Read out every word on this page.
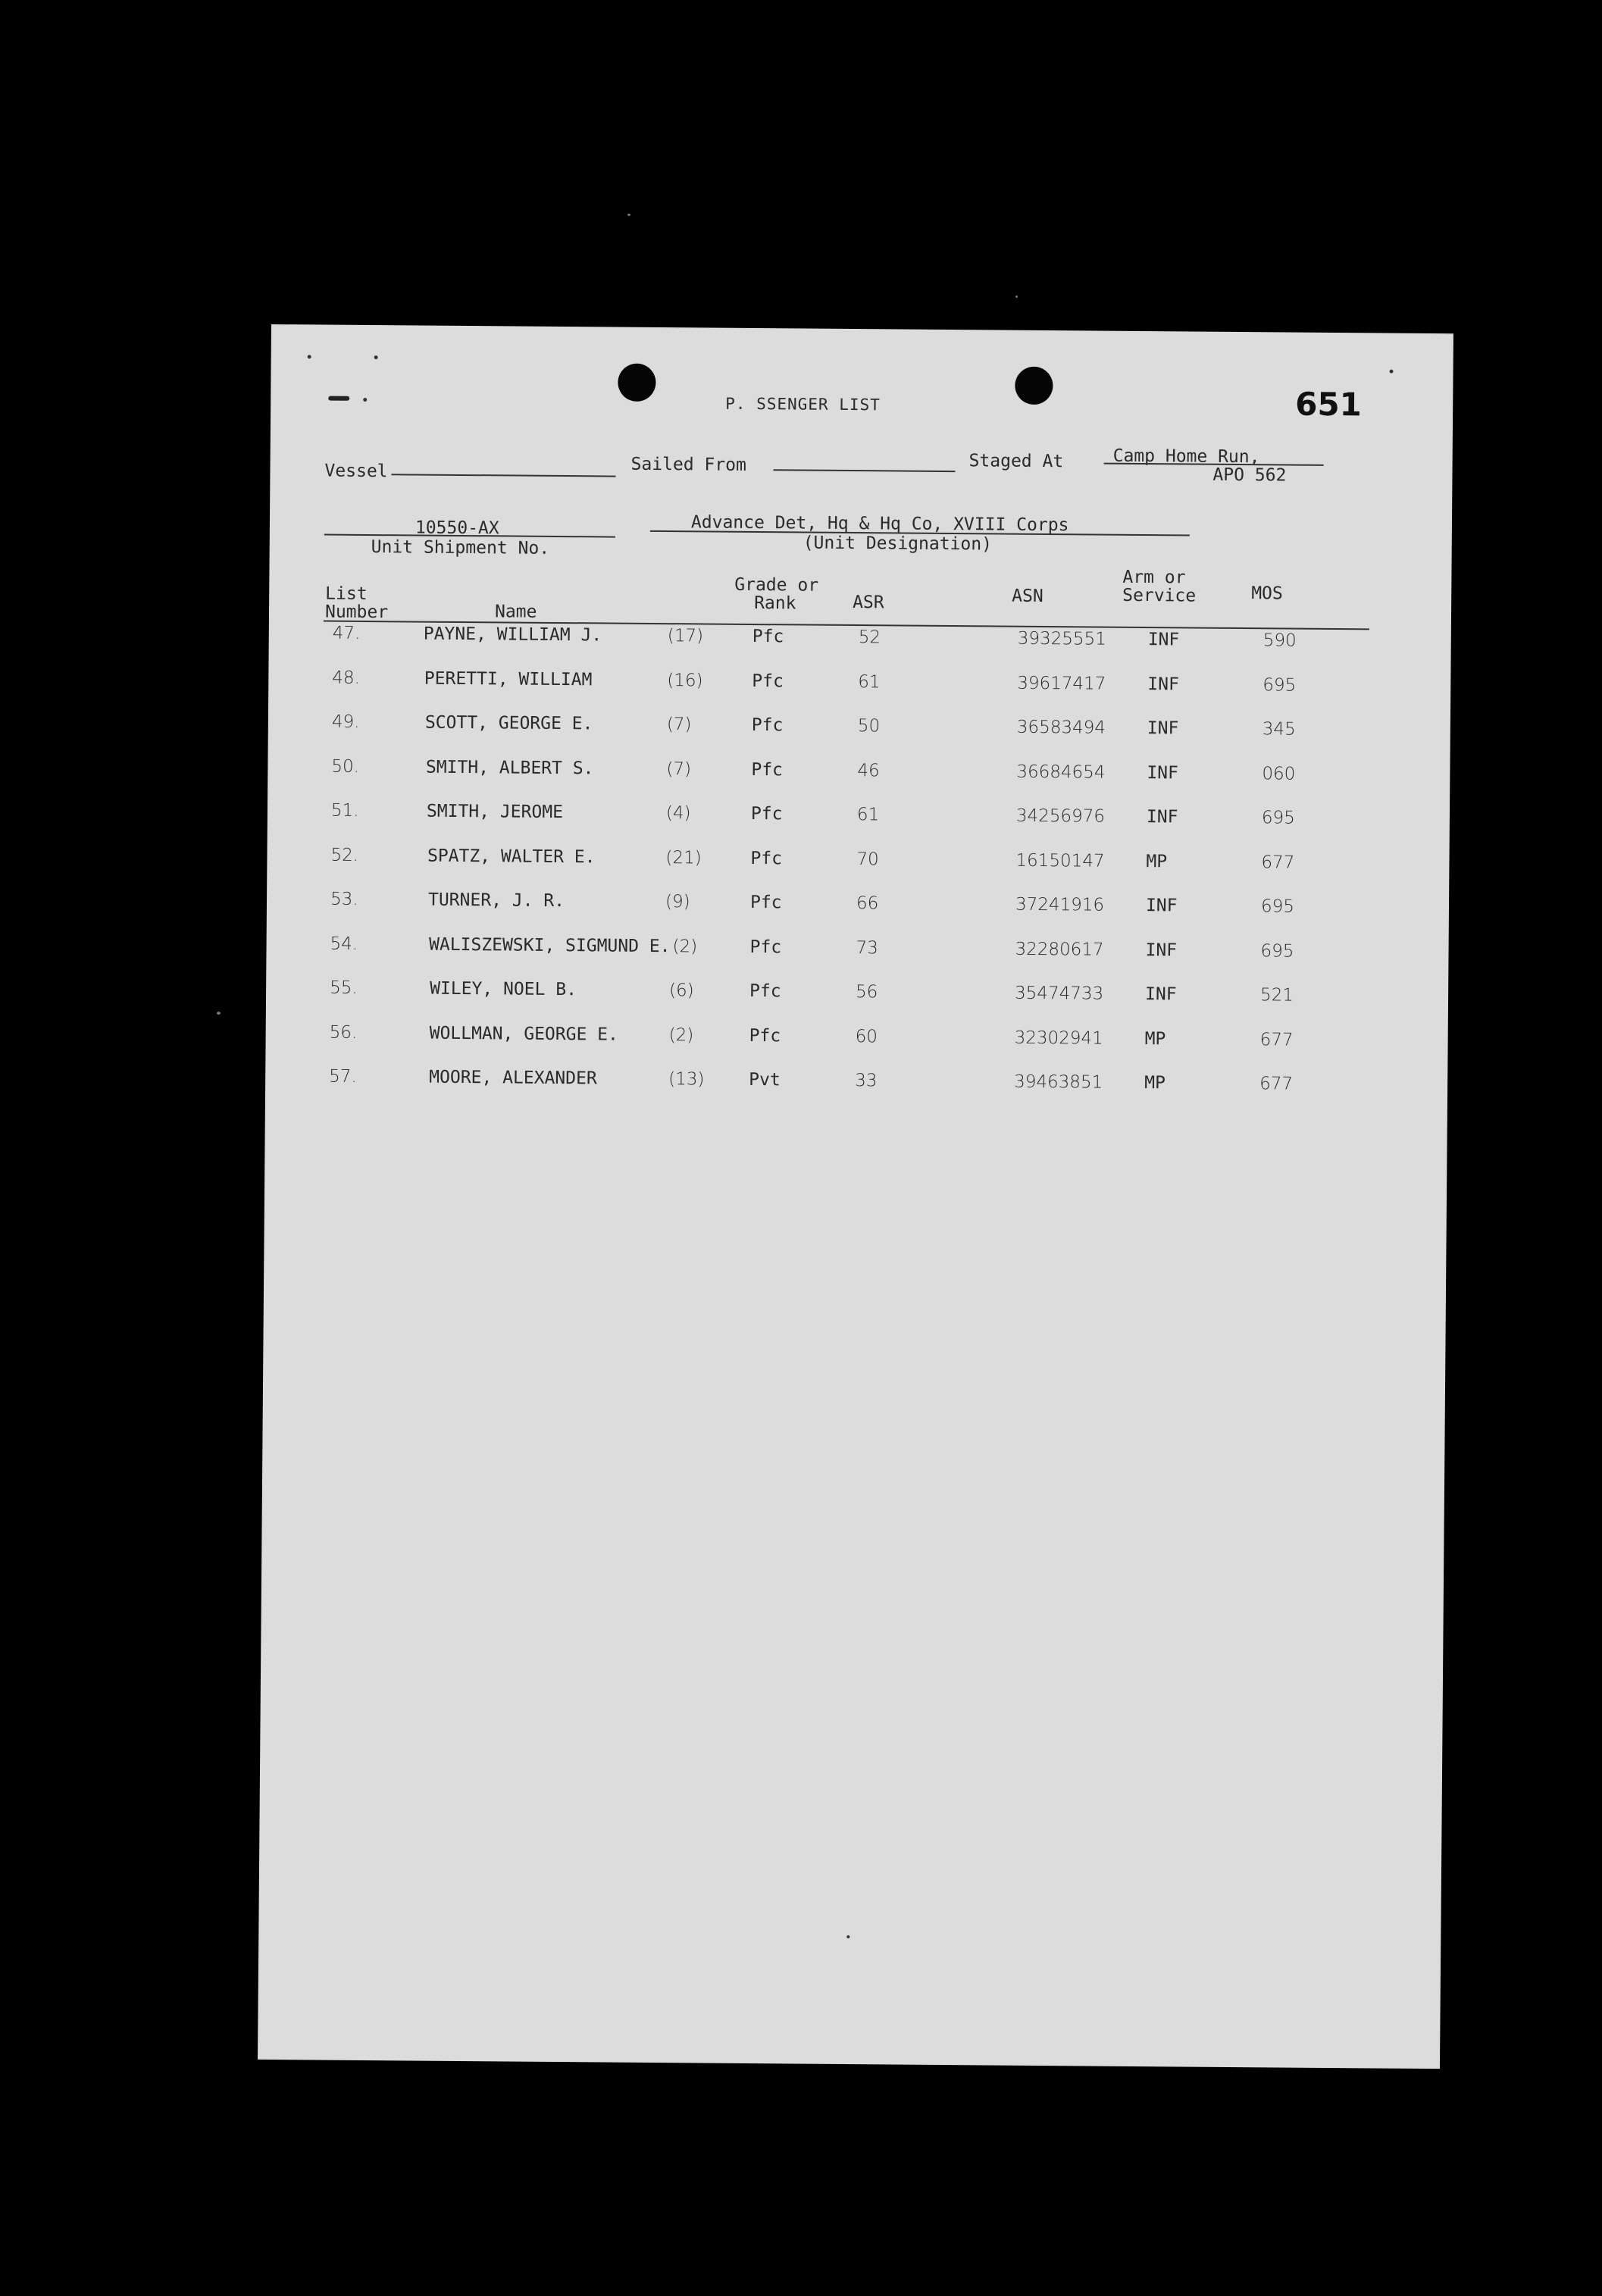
651
P. SSENGER LIST
Vessel	Sailed From	Staged At	Camp Home Run,
APO 562
10550-AX
Unit Shipment No.
Advance Det, Hq & Hq Co, XVIII Corps
(Unit Designation)
List
Number	Name
Grade or
Rank	ASR	ASN
Arm or
Service	MOS
47.	PAYNE, WILLIAM J.	(17)	Pfc	52	39325551 INF	590
48.	PERETTI, WILLIAM	(16)	Pfc	61	39617417 INF	695
49.	SCOTT, GEORGE E.	(7)	Pfc	50	36583494 INF	345
50.	SMITH, ALBERT S.	(7)	Pfc	46	36684654 INF	060
51.	SMITH, JEROME	(4)	Pfc	61	34256976 INF	695
52.	SPATZ, WALTER E.	(21)	Pfc	70	16150147 MP	677
53.	TURNER, J. R.	(9)	Pfc	66	37241916 INF	695
54.	WALISZEWSKI, SIGMUND E. (2)	Pfc	73	32280617 INF	695
55.	WILEY, NOEL B.	(6)	Pfc	56	35474733 INF	521
56.	WOLLMAN, GEORGE E.	(2)	Pfc	60	32302941 MP	677
57.	MOORE, ALEXANDER	(13)	Pvt	33	39463851 MP	677
